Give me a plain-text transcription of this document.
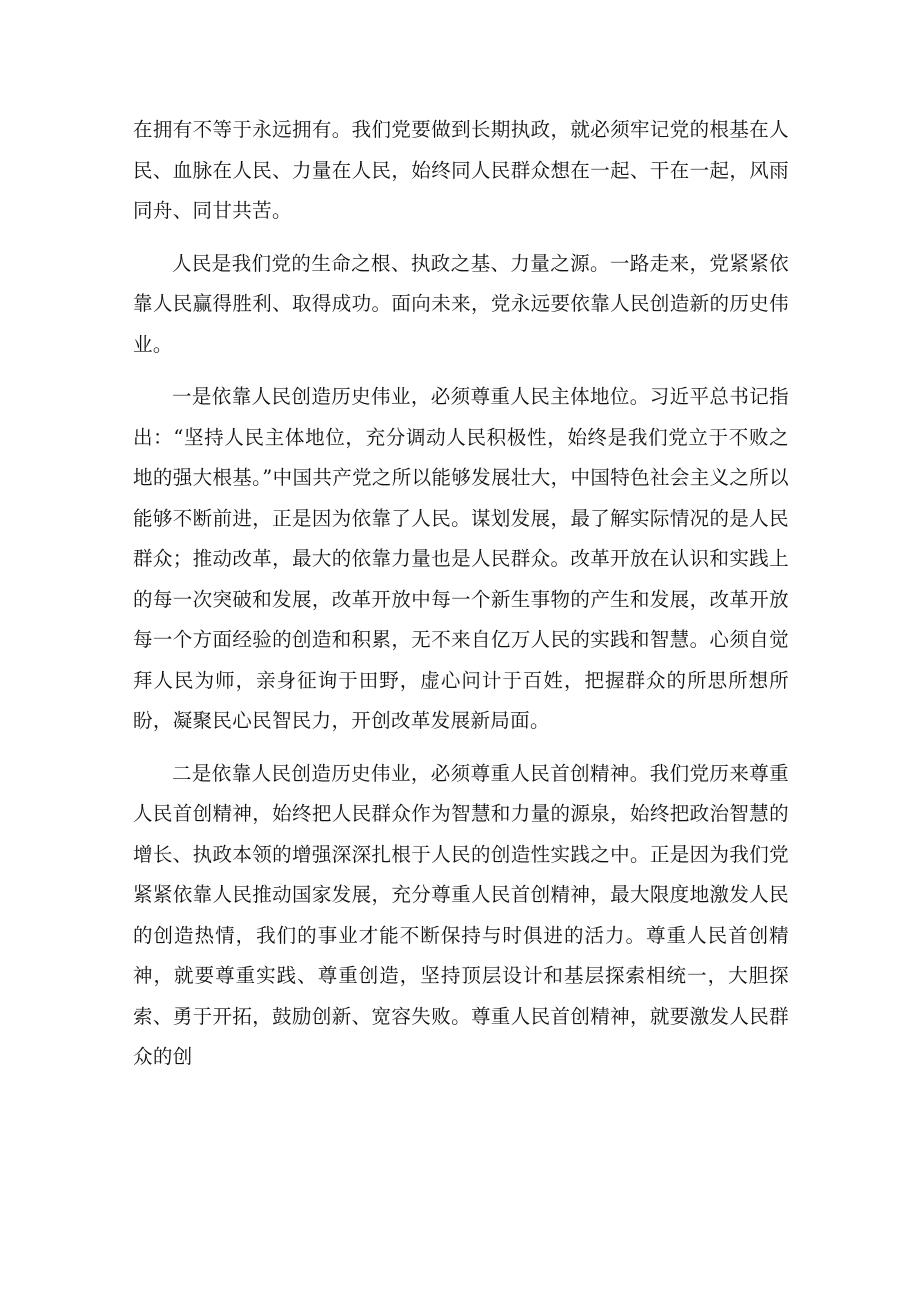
在拥有不等于永远拥有。我们党要做到长期执政，就必须牢记党的根基在人民、血脉在人民、力量在人民，始终同人民群众想在一起、干在一起，风雨同舟、同甘共苦。

人民是我们党的生命之根、执政之基、力量之源。一路走来，党紧紧依靠人民赢得胜利、取得成功。面向未来，党永远要依靠人民创造新的历史伟业。

一是依靠人民创造历史伟业，必须尊重人民主体地位。习近平总书记指出：“坚持人民主体地位，充分调动人民积极性，始终是我们党立于不败之地的强大根基。”中国共产党之所以能够发展壮大，中国特色社会主义之所以能够不断前进，正是因为依靠了人民。谋划发展，最了解实际情况的是人民群众；推动改革，最大的依靠力量也是人民群众。改革开放在认识和实践上的每一次突破和发展，改革开放中每一个新生事物的产生和发展，改革开放每一个方面经验的创造和积累，无不来自亿万人民的实践和智慧。心须自觉拜人民为师，亲身征询于田野，虚心问计于百姓，把握群众的所思所想所盼，凝聚民心民智民力，开创改革发展新局面。

二是依靠人民创造历史伟业，必须尊重人民首创精神。我们党历来尊重人民首创精神，始终把人民群众作为智慧和力量的源泉，始终把政治智慧的增长、执政本领的增强深深扎根于人民的创造性实践之中。正是因为我们党紧紧依靠人民推动国家发展，充分尊重人民首创精神，最大限度地激发人民的创造热情，我们的事业才能不断保持与时俱进的活力。尊重人民首创精神，就要尊重实践、尊重创造，坚持顶层设计和基层探索相统一，大胆探索、勇于开拓，鼓励创新、宽容失败。尊重人民首创精神，就要激发人民群众的创
